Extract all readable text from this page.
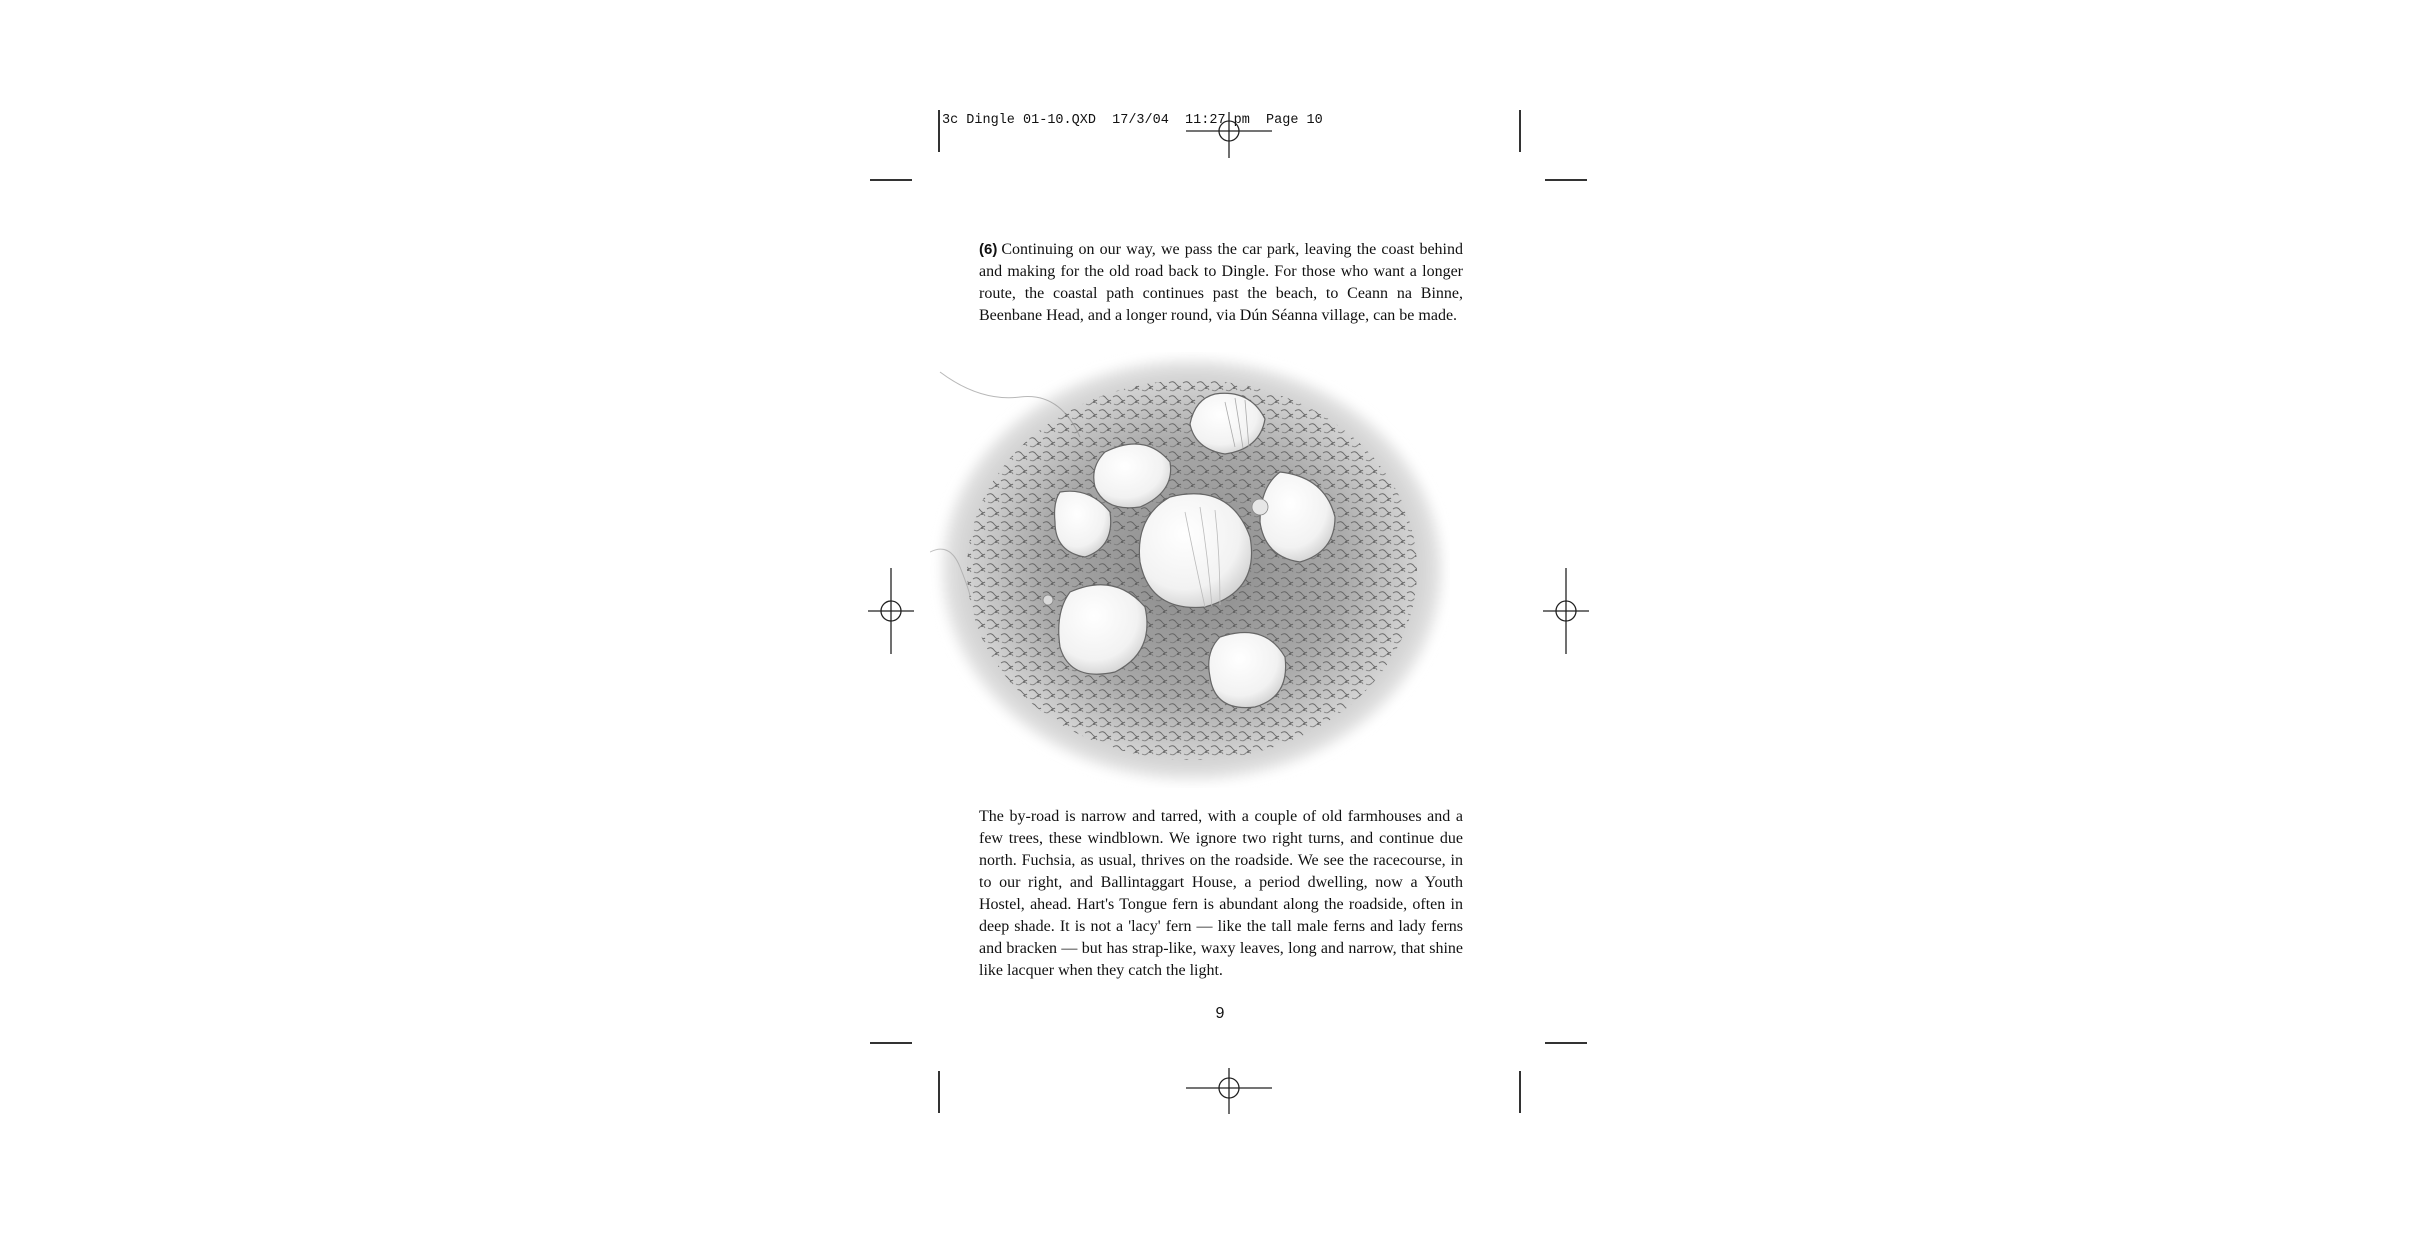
3c Dingle 01-10.QXD  17/3/04  11:27 pm  Page 10
(6) Continuing on our way, we pass the car park, leaving the coast behind and making for the old road back to Dingle. For those who want a longer route, the coastal path continues past the beach, to Ceann na Binne, Beenbane Head, and a longer round, via Dún Séanna village, can be made.
The by-road is narrow and tarred, with a couple of old farmhouses and a few trees, these windblown. We ignore two right turns, and continue due north. Fuchsia, as usual, thrives on the roadside. We see the racecourse, in to our right, and Ballintaggart House, a period dwelling, now a Youth Hostel, ahead. Hart's Tongue fern is abundant along the roadside, often in deep shade. It is not a 'lacy' fern — like the tall male ferns and lady ferns and bracken — but has strap-like, waxy leaves, long and narrow, that shine like lacquer when they catch the light.
9
